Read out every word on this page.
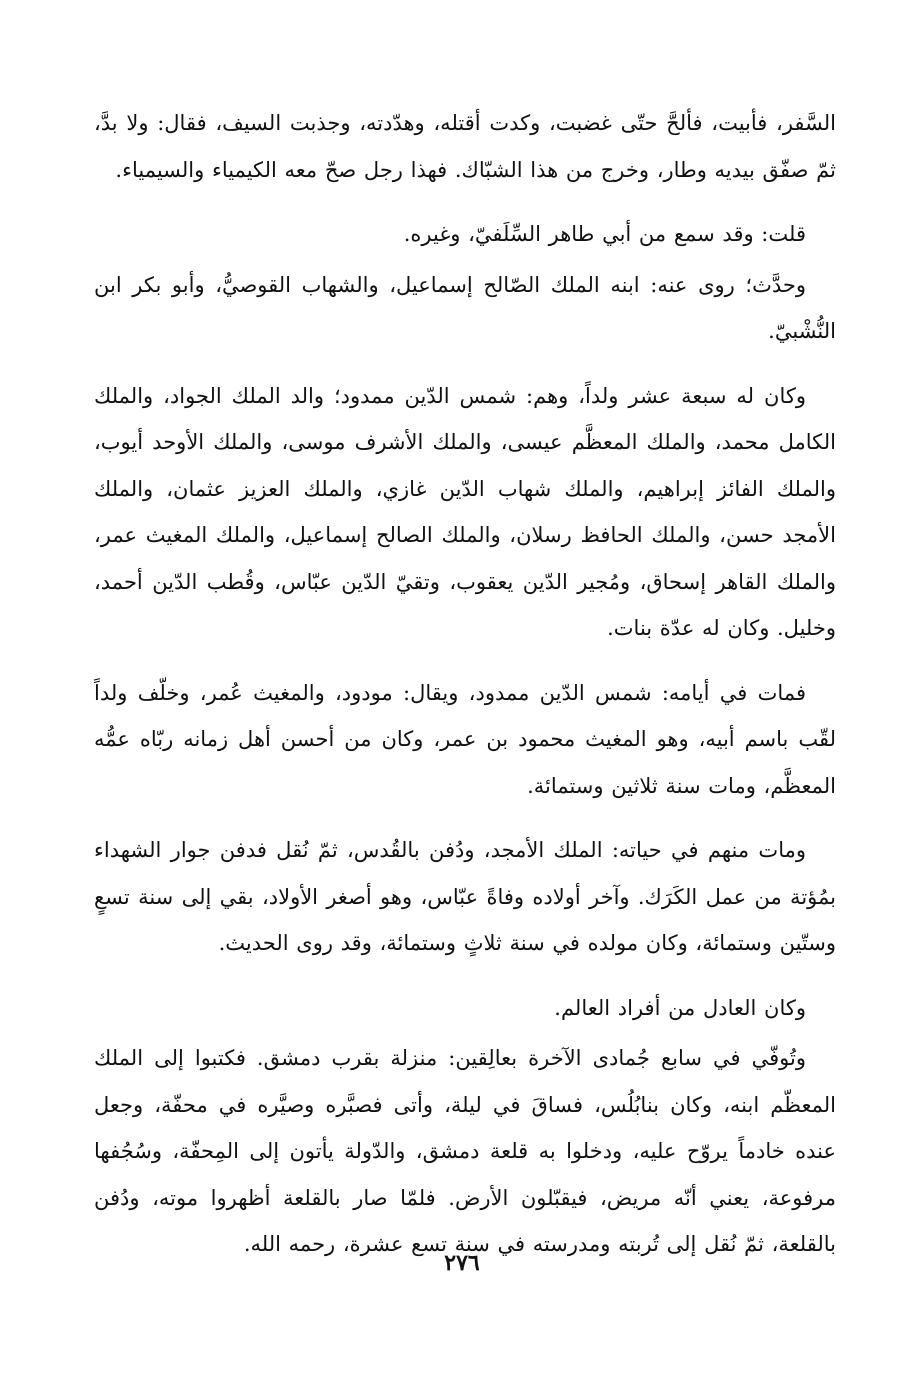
السَّفر، فأبيت، فألحَّ حتّى غضبت، وكدت أقتله، وهدّدته، وجذبت السيف، فقال: ولا بدَّ، ثمّ صفّق بيديه وطار، وخرج من هذا الشبّاك. فهذا رجل صحّ معه الكيمياء والسيمياء.

قلت: وقد سمع من أبي طاهر السِّلَفيّ، وغيره.

وحدَّث؛ روى عنه: ابنه الملك الصّالح إسماعيل، والشهاب القوصيُّ، وأبو بكر ابن النُّشْبيّ.

وكان له سبعة عشر ولداً، وهم: شمس الدّين ممدود؛ والد الملك الجواد، والملك الكامل محمد، والملك المعظَّم عيسى، والملك الأشرف موسى، والملك الأوحد أيوب، والملك الفائز إبراهيم، والملك شهاب الدّين غازي، والملك العزيز عثمان، والملك الأمجد حسن، والملك الحافظ رسلان، والملك الصالح إسماعيل، والملك المغيث عمر، والملك القاهر إسحاق، ومُجير الدّين يعقوب، وتقيّ الدّين عبّاس، وقُطب الدّين أحمد، وخليل. وكان له عدّة بنات.

فمات في أيامه: شمس الدّين ممدود، ويقال: مودود، والمغيث عُمر، وخلّف ولداً لقّب باسم أبيه، وهو المغيث محمود بن عمر، وكان من أحسن أهل زمانه ربّاه عمُّه المعظَّم، ومات سنة ثلاثين وستمائة.

ومات منهم في حياته: الملك الأمجد، ودُفن بالقُدس، ثمّ نُقل فدفن جوار الشهداء بمُؤتة من عمل الكَرَك. وآخر أولاده وفاةً عبّاس، وهو أصغر الأولاد، بقي إلى سنة تسعٍ وستّين وستمائة، وكان مولده في سنة ثلاثٍ وستمائة، وقد روى الحديث.

وكان العادل من أفراد العالم.

وتُوفّي في سابع جُمادى الآخرة بعالِقين: منزلة بقرب دمشق. فكتبوا إلى الملك المعظّم ابنه، وكان بنابُلُس، فساقَ في ليلة، وأتى فصبَّره وصيَّره في محفّة، وجعل عنده خادماً يروّح عليه، ودخلوا به قلعة دمشق، والدّولة يأتون إلى المِحفّة، وسُجُفها مرفوعة، يعني أنّه مريض، فيقبّلون الأرض. فلمّا صار بالقلعة أظهروا موته، ودُفن بالقلعة، ثمّ نُقل إلى تُربته ومدرسته في سنة تسع عشرة، رحمه الله.

٢٧٦
